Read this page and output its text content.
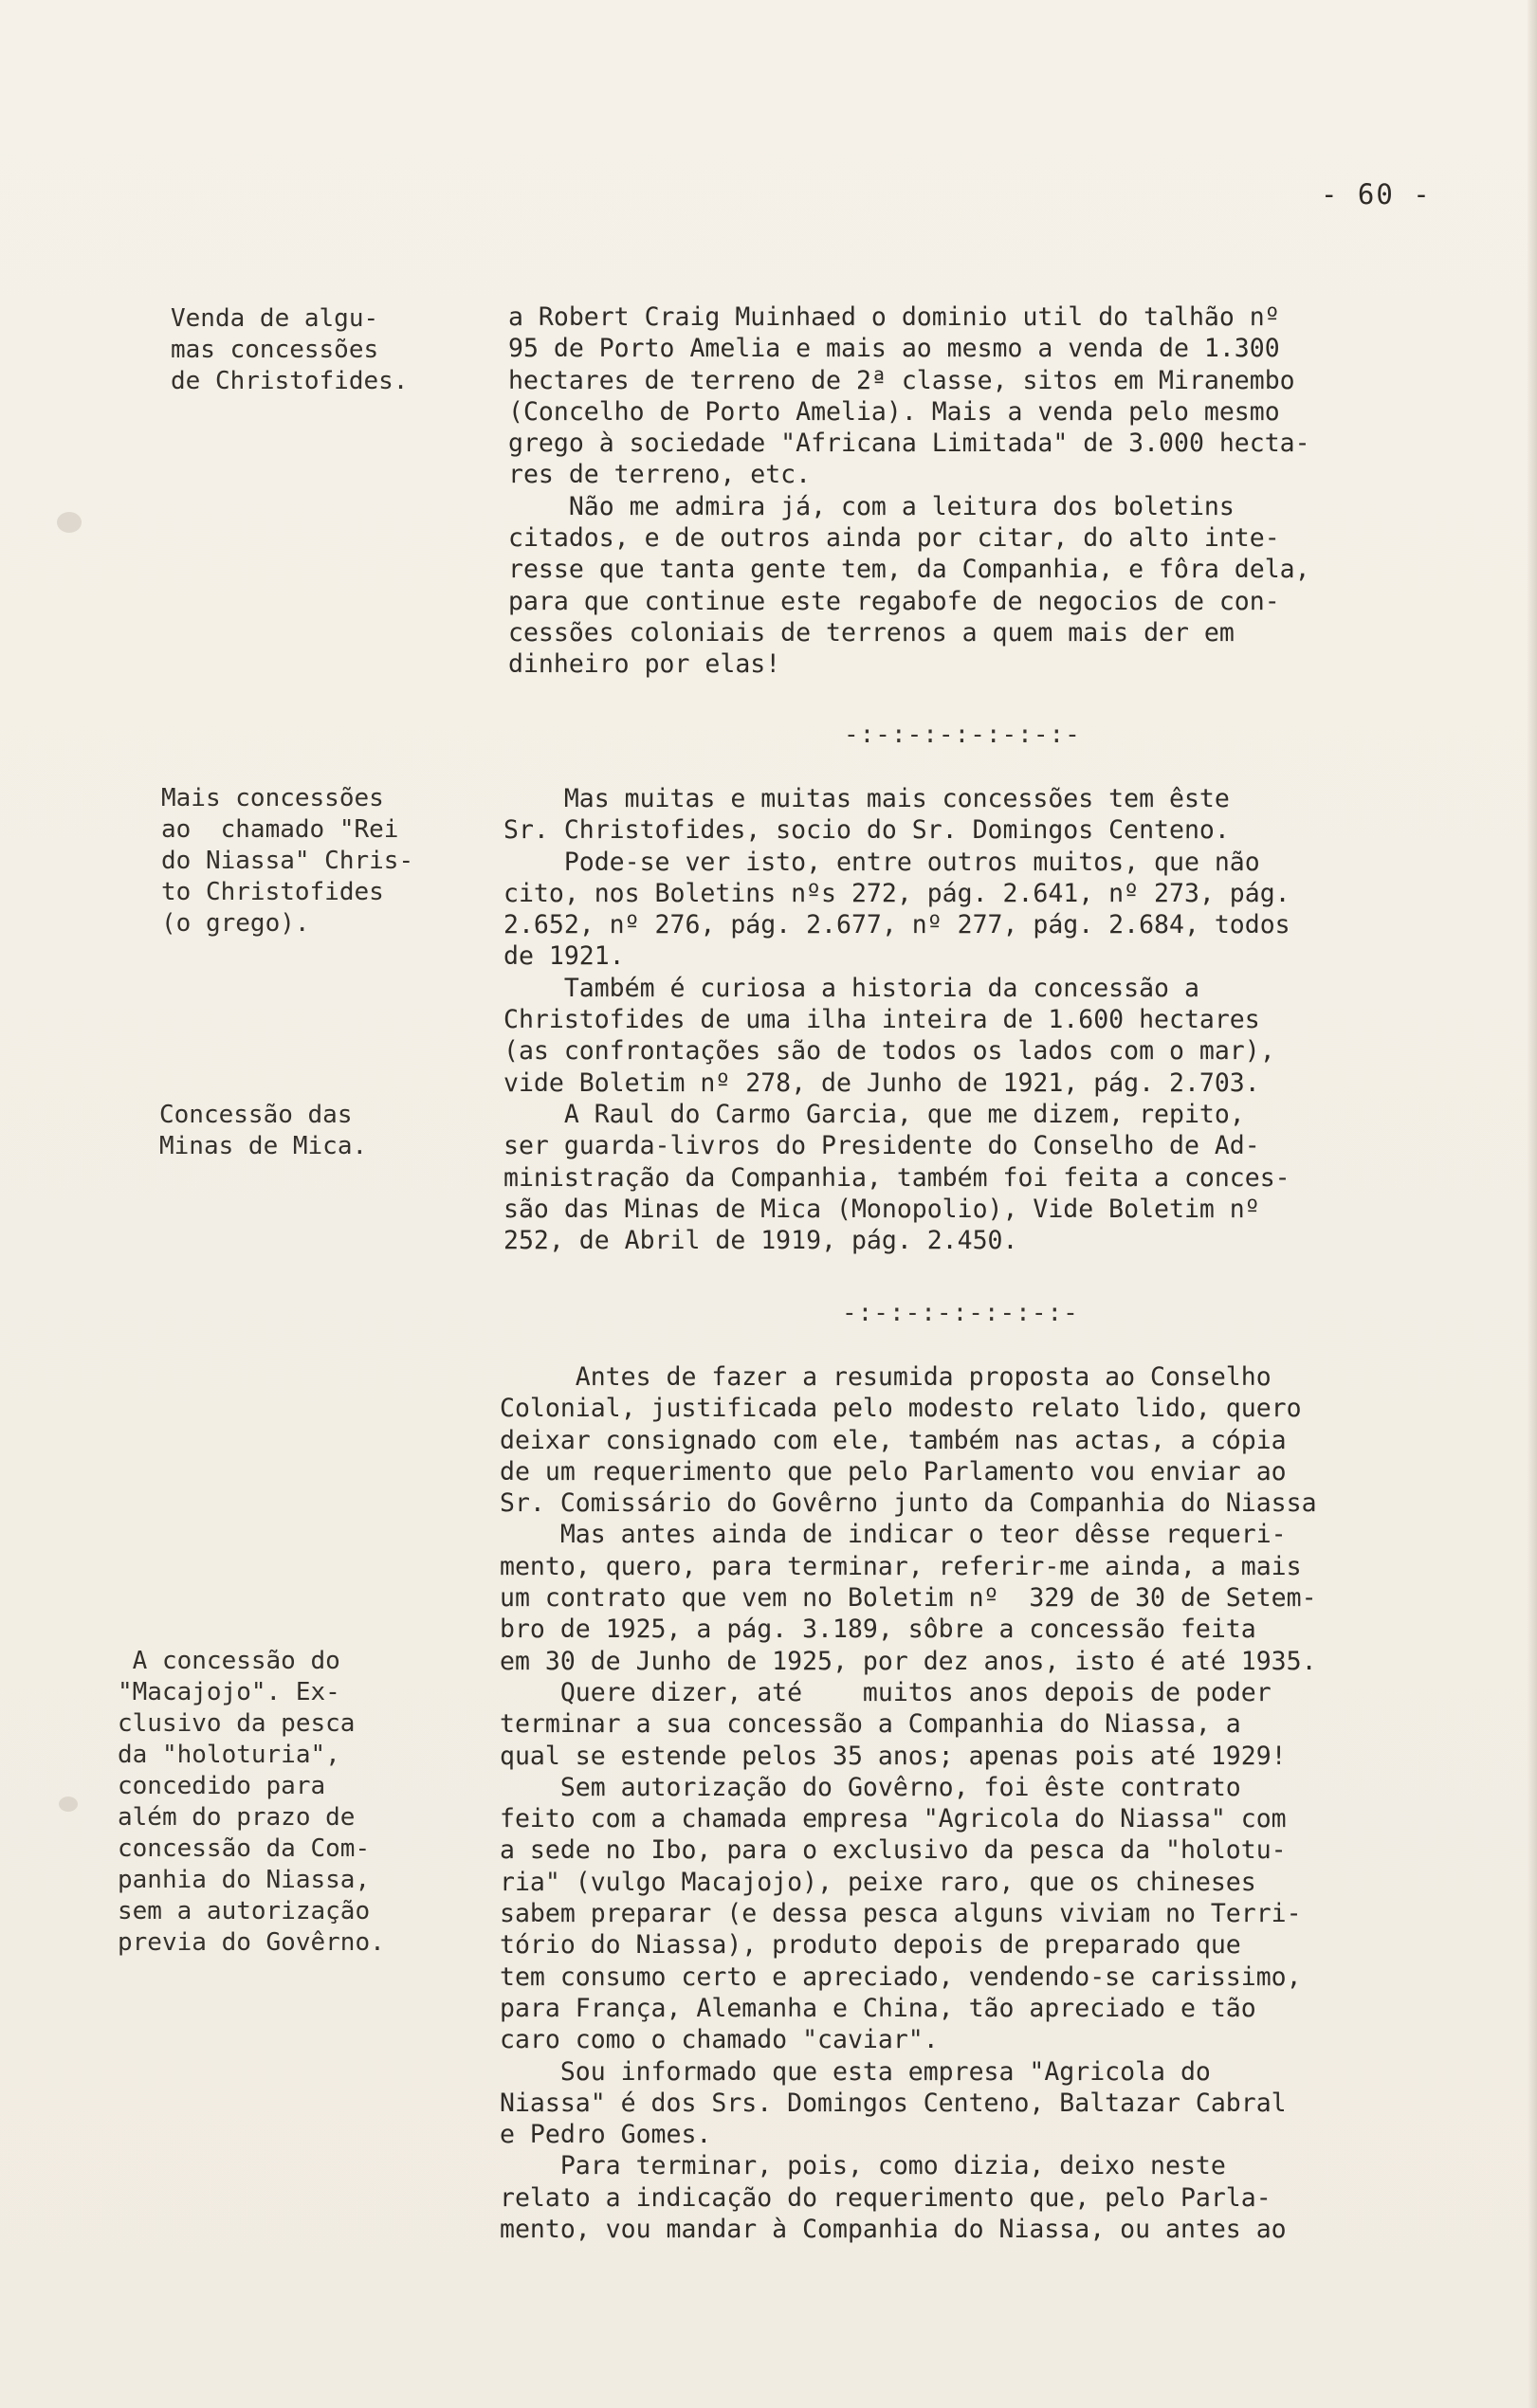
- 60 -

Venda de algu-
mas concessões
de Christofides.

Mais concessões
ao  chamado "Rei
do Niassa" Chris-
to Christofides
(o grego).

Concessão das
Minas de Mica.

A concessão do
"Macajojo". Ex-
clusivo da pesca
da "holoturia",
concedido para
além do prazo de
concessão da Com-
panhia do Niassa,
sem a autorização
previa do Govêrno.

a Robert Craig Muinhaed o dominio util do talhão nº
95 de Porto Amelia e mais ao mesmo a venda de 1.300
hectares de terreno de 2ª classe, sitos em Miranembo
(Concelho de Porto Amelia). Mais a venda pelo mesmo
grego à sociedade "Africana Limitada" de 3.000 hecta-
res de terreno, etc.
Não me admira já, com a leitura dos boletins
citados, e de outros ainda por citar, do alto inte-
resse que tanta gente tem, da Companhia, e fôra dela,
para que continue este regabofe de negocios de con-
cessões coloniais de terrenos a quem mais der em
dinheiro por elas!

-:-:-:-:-:-:-:-

Mas muitas e muitas mais concessões tem êste
Sr. Christofides, socio do Sr. Domingos Centeno.
Pode-se ver isto, entre outros muitos, que não
cito, nos Boletins nºs 272, pág. 2.641, nº 273, pág.
2.652, nº 276, pág. 2.677, nº 277, pág. 2.684, todos
de 1921.
Também é curiosa a historia da concessão a
Christofides de uma ilha inteira de 1.600 hectares
(as confrontações são de todos os lados com o mar),
vide Boletim nº 278, de Junho de 1921, pág. 2.703.
A Raul do Carmo Garcia, que me dizem, repito,
ser guarda-livros do Presidente do Conselho de Ad-
ministração da Companhia, também foi feita a conces-
são das Minas de Mica (Monopolio), Vide Boletim nº
252, de Abril de 1919, pág. 2.450.

-:-:-:-:-:-:-:-

Antes de fazer a resumida proposta ao Conselho
Colonial, justificada pelo modesto relato lido, quero
deixar consignado com ele, também nas actas, a cópia
de um requerimento que pelo Parlamento vou enviar ao
Sr. Comissário do Govêrno junto da Companhia do Niassa
Mas antes ainda de indicar o teor dêsse requeri-
mento, quero, para terminar, referir-me ainda, a mais
um contrato que vem no Boletim nº  329 de 30 de Setem-
bro de 1925, a pág. 3.189, sôbre a concessão feita
em 30 de Junho de 1925, por dez anos, isto é até 1935.
Quere dizer, até    muitos anos depois de poder
terminar a sua concessão a Companhia do Niassa, a
qual se estende pelos 35 anos; apenas pois até 1929!
Sem autorização do Govêrno, foi êste contrato
feito com a chamada empresa "Agricola do Niassa" com
a sede no Ibo, para o exclusivo da pesca da "holotu-
ria" (vulgo Macajojo), peixe raro, que os chineses
sabem preparar (e dessa pesca alguns viviam no Terri-
tório do Niassa), produto depois de preparado que
tem consumo certo e apreciado, vendendo-se carissimo,
para França, Alemanha e China, tão apreciado e tão
caro como o chamado "caviar".
Sou informado que esta empresa "Agricola do
Niassa" é dos Srs. Domingos Centeno, Baltazar Cabral
e Pedro Gomes.
Para terminar, pois, como dizia, deixo neste
relato a indicação do requerimento que, pelo Parla-
mento, vou mandar à Companhia do Niassa, ou antes ao
